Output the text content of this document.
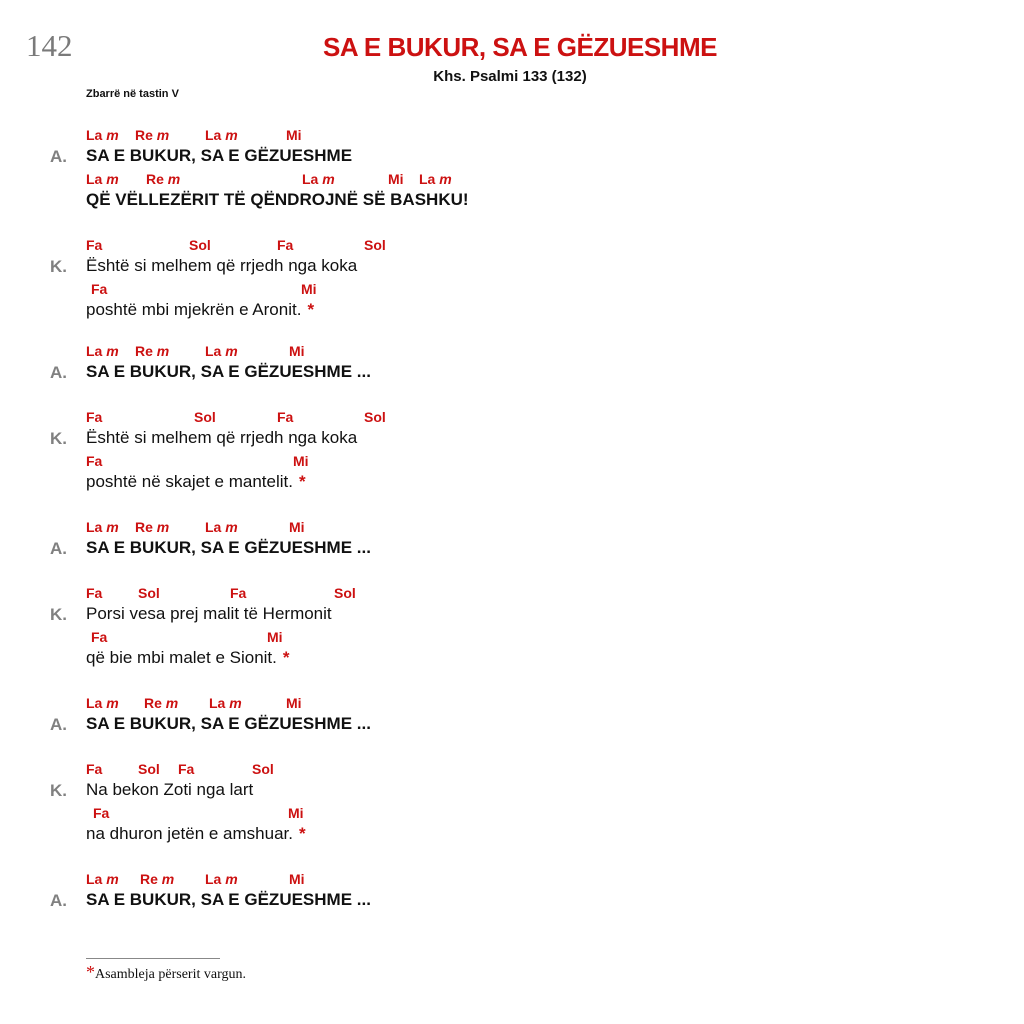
142	SA E BUKUR, SA E GËZUESHME
Khs. Psalmi 133 (132)
Zbarrë në tastin V
La m Re m	La m	Mi
A. SA E BUKUR, SA E GËZUESHME
La m Re m	La m	Mi La m
QË VËLLEZËRIT TË QËNDROJNË SË BASHKU!
Fa	Sol	Fa	Sol
K. Është si melhem që rrjedh nga koka
Fa	Mi
poshtë mbi mjekrën e Aronit. *
La m Re m	La m	Mi
A. SA E BUKUR, SA E GËZUESHME ...
Fa	Sol	Fa	Sol
K. Është si melhem që rrjedh nga koka
Fa	Mi
poshtë në skajet e mantelit. *
La m Re m	La m	Mi
A. SA E BUKUR, SA E GËZUESHME ...
Fa	Sol	Fa	Sol
K. Porsi vesa prej malit të Hermonit
Fa	Mi
që bie mbi malet e Sionit. *
La m Re m La m	Mi
A. SA E BUKUR, SA E GËZUESHME ...
Fa	Sol Fa	Sol
K. Na bekon Zoti nga lart
Fa	Mi
na dhuron jetën e amshuar. *
La m Re m La m	Mi
A. SA E BUKUR, SA E GËZUESHME ...
*Asambleja përserit vargun.
